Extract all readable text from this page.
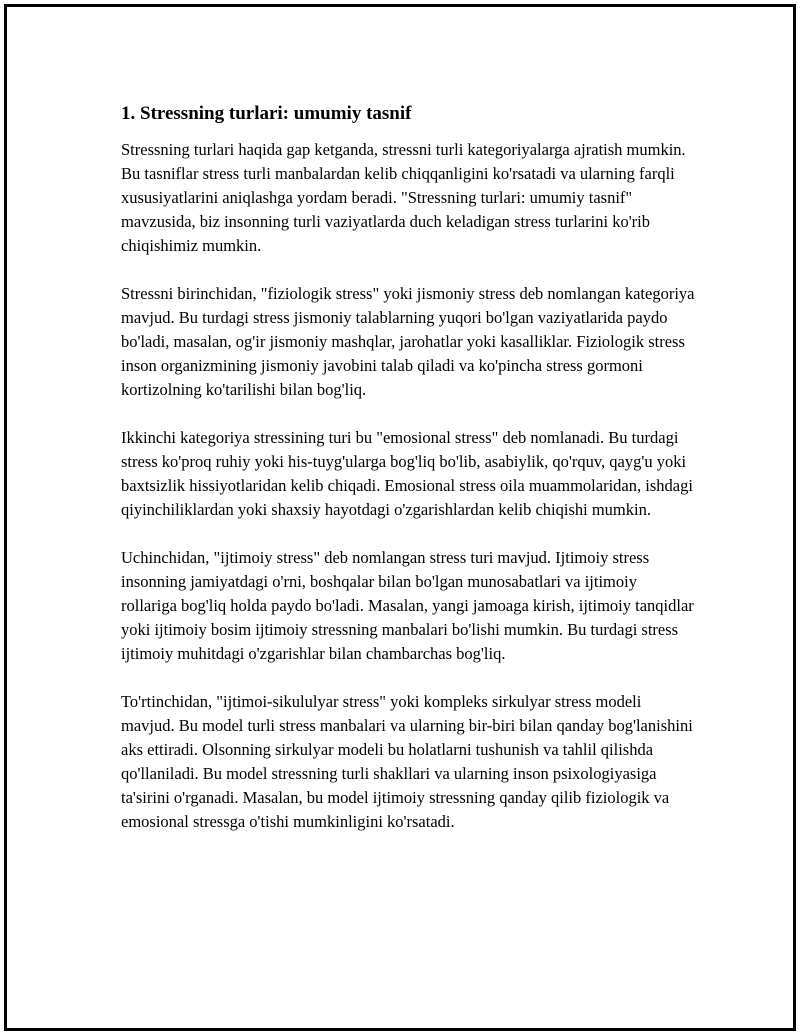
1. Stressning turlari: umumiy tasnif

Stressning turlari haqida gap ketganda, stressni turli kategoriyalarga ajratish mumkin. Bu tasniflar stress turli manbalardan kelib chiqqanligini ko'rsatadi va ularning farqli xususiyatlarini aniqlashga yordam beradi. "Stressning turlari: umumiy tasnif" mavzusida, biz insonning turli vaziyatlarda duch keladigan stress turlarini ko'rib chiqishimiz mumkin.

Stressni birinchidan, "fiziologik stress" yoki jismoniy stress deb nomlangan kategoriya mavjud. Bu turdagi stress jismoniy talablarning yuqori bo'lgan vaziyatlarida paydo bo'ladi, masalan, og'ir jismoniy mashqlar, jarohatlar yoki kasalliklar. Fiziologik stress inson organizmining jismoniy javobini talab qiladi va ko'pincha stress gormoni kortizolning ko'tarilishi bilan bog'liq.

Ikkinchi kategoriya stressining turi bu "emosional stress" deb nomlanadi. Bu turdagi stress ko'proq ruhiy yoki his-tuyg'ularga bog'liq bo'lib, asabiylik, qo'rquv, qayg'u yoki baxtsizlik hissiyotlaridan kelib chiqadi. Emosional stress oila muammolaridan, ishdagi qiyinchiliklardan yoki shaxsiy hayotdagi o'zgarishlardan kelib chiqishi mumkin.

Uchinchidan, "ijtimoiy stress" deb nomlangan stress turi mavjud. Ijtimoiy stress insonning jamiyatdagi o'rni, boshqalar bilan bo'lgan munosabatlari va ijtimoiy rollariga bog'liq holda paydo bo'ladi. Masalan, yangi jamoaga kirish, ijtimoiy tanqidlar yoki ijtimoiy bosim ijtimoiy stressning manbalari bo'lishi mumkin. Bu turdagi stress ijtimoiy muhitdagi o'zgarishlar bilan chambarchas bog'liq.

To'rtinchidan, "ijtimoi-sikululyar stress" yoki kompleks sirkulyar stress modeli mavjud. Bu model turli stress manbalari va ularning bir-biri bilan qanday bog'lanishini aks ettiradi. Olsonning sirkulyar modeli bu holatlarni tushunish va tahlil qilishda qo'llaniladi. Bu model stressning turli shakllari va ularning inson psixologiyasiga ta'sirini o'rganadi. Masalan, bu model ijtimoiy stressning qanday qilib fiziologik va emosional stressga o'tishi mumkinligini ko'rsatadi.
